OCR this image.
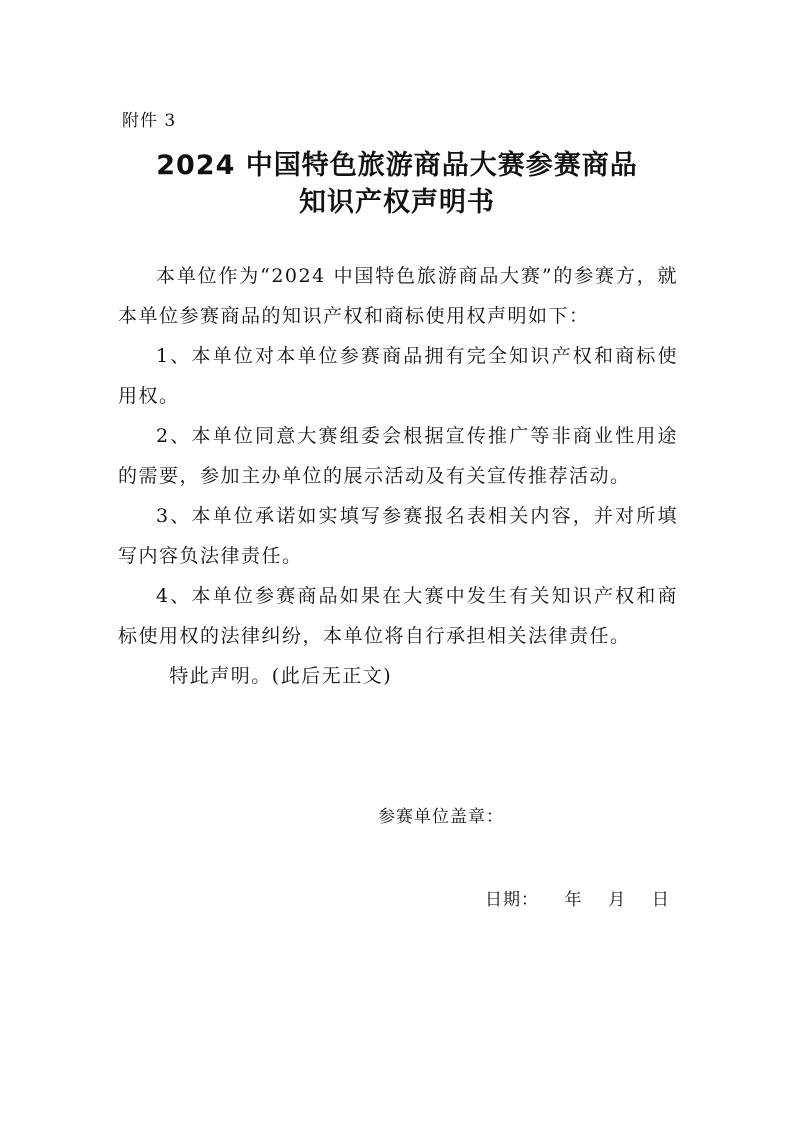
附件 3
2024 中国特色旅游商品大赛参赛商品
知识产权声明书

本单位作为“2024 中国特色旅游商品大赛”的参赛方，就本单位参赛商品的知识产权和商标使用权声明如下：

1、本单位对本单位参赛商品拥有完全知识产权和商标使用权。

2、本单位同意大赛组委会根据宣传推广等非商业性用途的需要，参加主办单位的展示活动及有关宣传推荐活动。

3、本单位承诺如实填写参赛报名表相关内容，并对所填写内容负法律责任。

4、本单位参赛商品如果在大赛中发生有关知识产权和商标使用权的法律纠纷，本单位将自行承担相关法律责任。

特此声明。(此后无正文)

参赛单位盖章：
日期：    年    月    日
